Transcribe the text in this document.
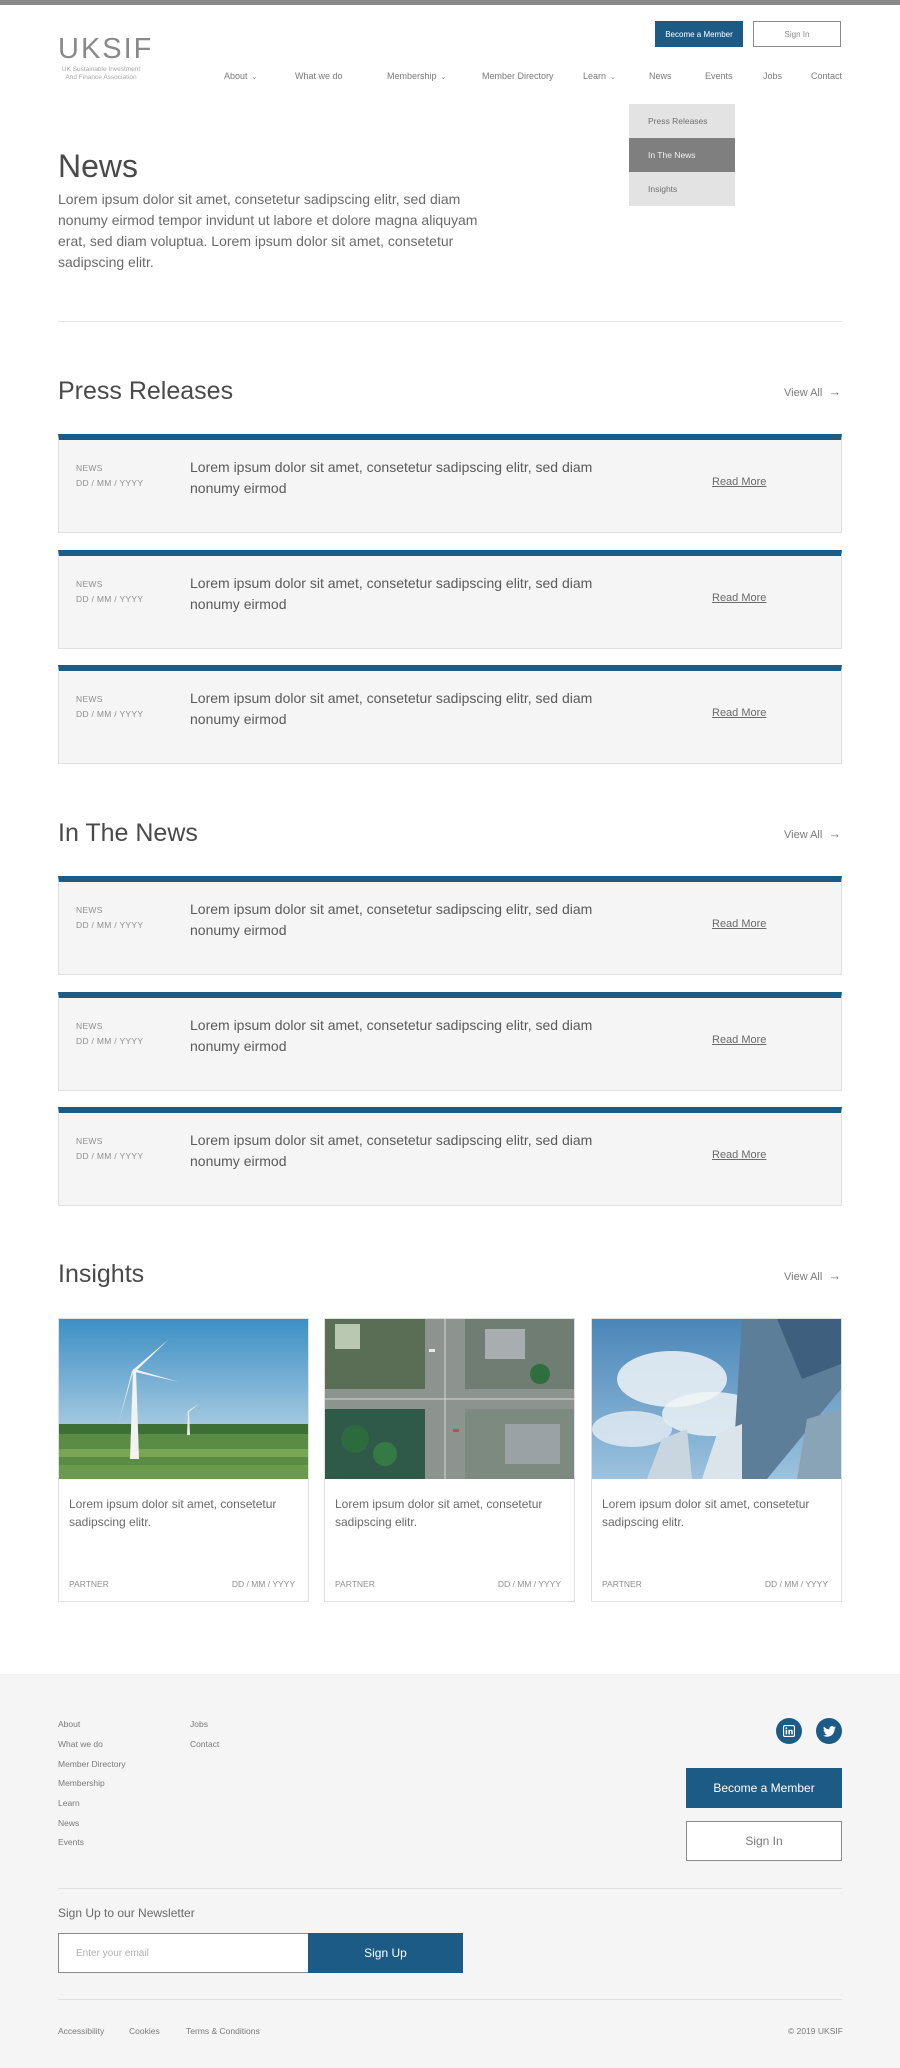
UKSIF
UK Sustainable Investment And Finance Association
Become a Member	Sign In
About ⌄	What we do	Membership ⌄	Member Directory	Learn ⌄	News	Events	Jobs	Contact
Press Releases
In The News
Insights
News
Lorem ipsum dolor sit amet, consetetur sadipscing elitr, sed diam nonumy eirmod tempor invidunt ut labore et dolore magna aliquyam erat, sed diam voluptua. Lorem ipsum dolor sit amet, consetetur sadipscing elitr.
Press Releases	View All →
NEWS
DD / MM / YYYY
Lorem ipsum dolor sit amet, consetetur sadipscing elitr, sed diam nonumy eirmod	Read More
NEWS
DD / MM / YYYY
Lorem ipsum dolor sit amet, consetetur sadipscing elitr, sed diam nonumy eirmod	Read More
NEWS
DD / MM / YYYY
Lorem ipsum dolor sit amet, consetetur sadipscing elitr, sed diam nonumy eirmod	Read More
In The News	View All →
NEWS
DD / MM / YYYY
Lorem ipsum dolor sit amet, consetetur sadipscing elitr, sed diam nonumy eirmod	Read More
NEWS
DD / MM / YYYY
Lorem ipsum dolor sit amet, consetetur sadipscing elitr, sed diam nonumy eirmod	Read More
NEWS
DD / MM / YYYY
Lorem ipsum dolor sit amet, consetetur sadipscing elitr, sed diam nonumy eirmod	Read More
Insights	View All →
Lorem ipsum dolor sit amet, consetetur sadipscing elitr.
PARTNER	DD / MM / YYYY
Lorem ipsum dolor sit amet, consetetur sadipscing elitr.
PARTNER	DD / MM / YYYY
Lorem ipsum dolor sit amet, consetetur sadipscing elitr.
PARTNER	DD / MM / YYYY
About
What we do
Member Directory
Membership
Learn
News
Events
Jobs
Contact
Become a Member
Sign In
Sign Up to our Newsletter
Enter your email
Sign Up
Accessibility	Cookies	Terms & Conditions	© 2019 UKSIF
